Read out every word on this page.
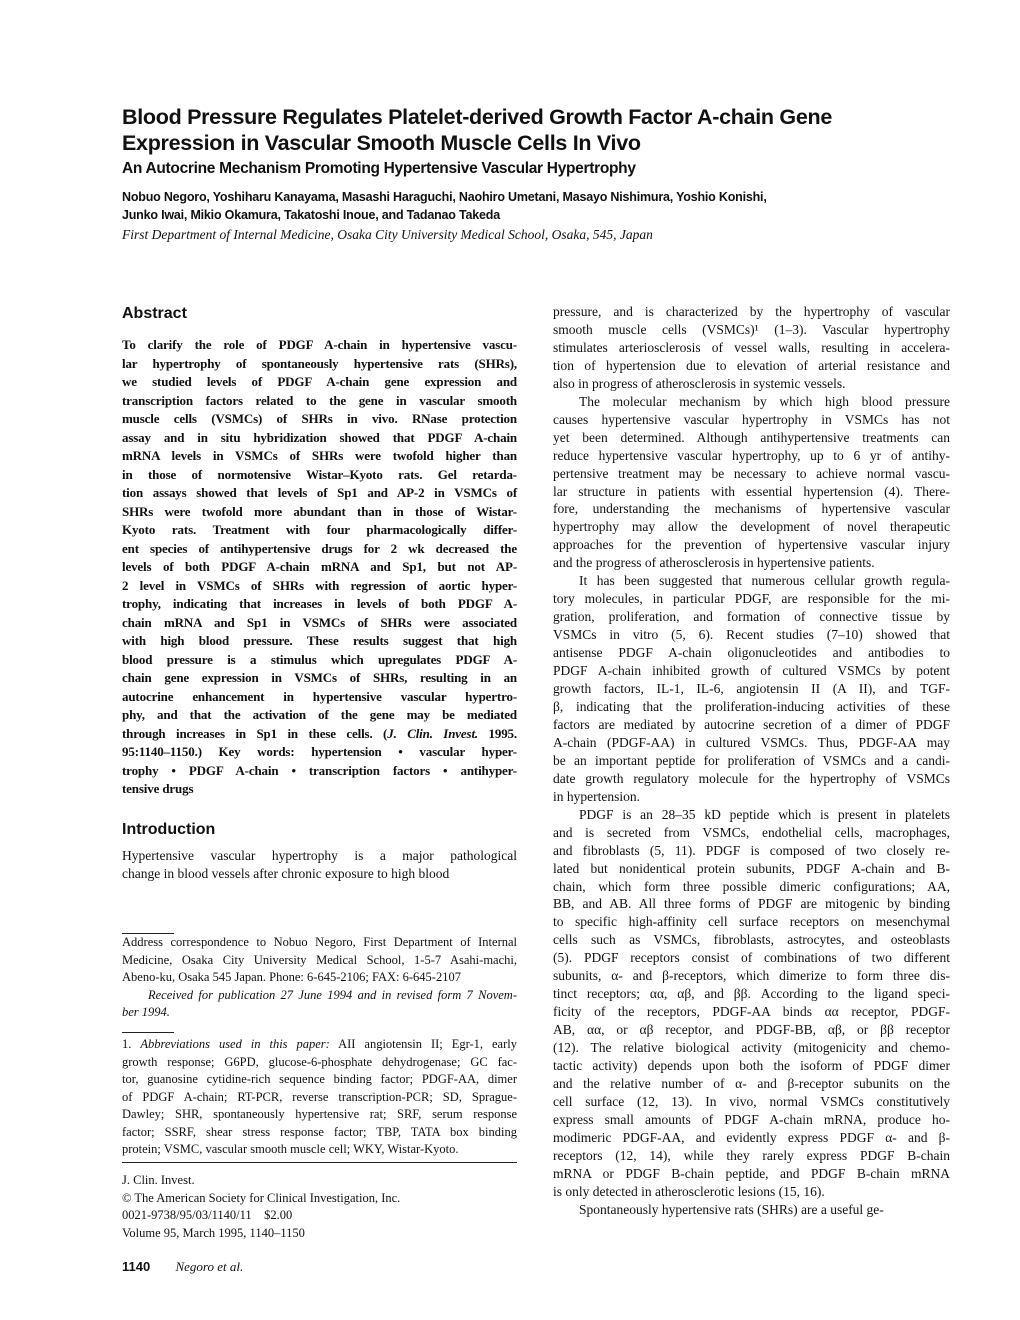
Blood Pressure Regulates Platelet-derived Growth Factor A-chain Gene
Expression in Vascular Smooth Muscle Cells In Vivo
An Autocrine Mechanism Promoting Hypertensive Vascular Hypertrophy
Nobuo Negoro, Yoshiharu Kanayama, Masashi Haraguchi, Naohiro Umetani, Masayo Nishimura, Yoshio Konishi,
Junko Iwai, Mikio Okamura, Takatoshi Inoue, and Tadanao Takeda
First Department of Internal Medicine, Osaka City University Medical School, Osaka, 545, Japan
Abstract
To clarify the role of PDGF A-chain in hypertensive vascu-
lar hypertrophy of spontaneously hypertensive rats (SHRs),
we studied levels of PDGF A-chain gene expression and
transcription factors related to the gene in vascular smooth
muscle cells (VSMCs) of SHRs in vivo. RNase protection
assay and in situ hybridization showed that PDGF A-chain
mRNA levels in VSMCs of SHRs were twofold higher than
in those of normotensive Wistar–Kyoto rats. Gel retarda-
tion assays showed that levels of Sp1 and AP-2 in VSMCs of
SHRs were twofold more abundant than in those of Wistar-
Kyoto rats. Treatment with four pharmacologically differ-
ent species of antihypertensive drugs for 2 wk decreased the
levels of both PDGF A-chain mRNA and Sp1, but not AP-
2 level in VSMCs of SHRs with regression of aortic hyper-
trophy, indicating that increases in levels of both PDGF A-
chain mRNA and Sp1 in VSMCs of SHRs were associated
with high blood pressure. These results suggest that high
blood pressure is a stimulus which upregulates PDGF A-
chain gene expression in VSMCs of SHRs, resulting in an
autocrine enhancement in hypertensive vascular hypertro-
phy, and that the activation of the gene may be mediated
through increases in Sp1 in these cells. (J. Clin. Invest. 1995.
95:1140–1150.) Key words: hypertension • vascular hyper-
trophy • PDGF A-chain • transcription factors • antihyper-
tensive drugs
Introduction
Hypertensive vascular hypertrophy is a major pathological
change in blood vessels after chronic exposure to high blood
Address correspondence to Nobuo Negoro, First Department of Internal
Medicine, Osaka City University Medical School, 1-5-7 Asahi-machi,
Abeno-ku, Osaka 545 Japan. Phone: 6-645-2106; FAX: 6-645-2107
Received for publication 27 June 1994 and in revised form 7 Novem-
ber 1994.
1. Abbreviations used in this paper: AII angiotensin II; Egr-1, early
growth response; G6PD, glucose-6-phosphate dehydrogenase; GC fac-
tor, guanosine cytidine-rich sequence binding factor; PDGF-AA, dimer
of PDGF A-chain; RT-PCR, reverse transcription-PCR; SD, Sprague-
Dawley; SHR, spontaneously hypertensive rat; SRF, serum response
factor; SSRF, shear stress response factor; TBP, TATA box binding
protein; VSMC, vascular smooth muscle cell; WKY, Wistar-Kyoto.
J. Clin. Invest.
© The American Society for Clinical Investigation, Inc.
0021-9738/95/03/1140/11    $2.00
Volume 95, March 1995, 1140–1150
pressure, and is characterized by the hypertrophy of vascular
smooth muscle cells (VSMCs)¹ (1–3). Vascular hypertrophy
stimulates arteriosclerosis of vessel walls, resulting in accelera-
tion of hypertension due to elevation of arterial resistance and
also in progress of atherosclerosis in systemic vessels.
The molecular mechanism by which high blood pressure
causes hypertensive vascular hypertrophy in VSMCs has not
yet been determined. Although antihypertensive treatments can
reduce hypertensive vascular hypertrophy, up to 6 yr of antihy-
pertensive treatment may be necessary to achieve normal vascu-
lar structure in patients with essential hypertension (4). There-
fore, understanding the mechanisms of hypertensive vascular
hypertrophy may allow the development of novel therapeutic
approaches for the prevention of hypertensive vascular injury
and the progress of atherosclerosis in hypertensive patients.
It has been suggested that numerous cellular growth regula-
tory molecules, in particular PDGF, are responsible for the mi-
gration, proliferation, and formation of connective tissue by
VSMCs in vitro (5, 6). Recent studies (7–10) showed that
antisense PDGF A-chain oligonucleotides and antibodies to
PDGF A-chain inhibited growth of cultured VSMCs by potent
growth factors, IL-1, IL-6, angiotensin II (A II), and TGF-
β, indicating that the proliferation-inducing activities of these
factors are mediated by autocrine secretion of a dimer of PDGF
A-chain (PDGF-AA) in cultured VSMCs. Thus, PDGF-AA may
be an important peptide for proliferation of VSMCs and a candi-
date growth regulatory molecule for the hypertrophy of VSMCs
in hypertension.
PDGF is an 28–35 kD peptide which is present in platelets
and is secreted from VSMCs, endothelial cells, macrophages,
and fibroblasts (5, 11). PDGF is composed of two closely re-
lated but nonidentical protein subunits, PDGF A-chain and B-
chain, which form three possible dimeric configurations; AA,
BB, and AB. All three forms of PDGF are mitogenic by binding
to specific high-affinity cell surface receptors on mesenchymal
cells such as VSMCs, fibroblasts, astrocytes, and osteoblasts
(5). PDGF receptors consist of combinations of two different
subunits, α- and β-receptors, which dimerize to form three dis-
tinct receptors; αα, αβ, and ββ. According to the ligand speci-
ficity of the receptors, PDGF-AA binds αα receptor, PDGF-
AB, αα, or αβ receptor, and PDGF-BB, αβ, or ββ receptor
(12). The relative biological activity (mitogenicity and chemo-
tactic activity) depends upon both the isoform of PDGF dimer
and the relative number of α- and β-receptor subunits on the
cell surface (12, 13). In vivo, normal VSMCs constitutively
express small amounts of PDGF A-chain mRNA, produce ho-
modimeric PDGF-AA, and evidently express PDGF α- and β-
receptors (12, 14), while they rarely express PDGF B-chain
mRNA or PDGF B-chain peptide, and PDGF B-chain mRNA
is only detected in atherosclerotic lesions (15, 16).
Spontaneously hypertensive rats (SHRs) are a useful ge-
1140 Negoro et al.
